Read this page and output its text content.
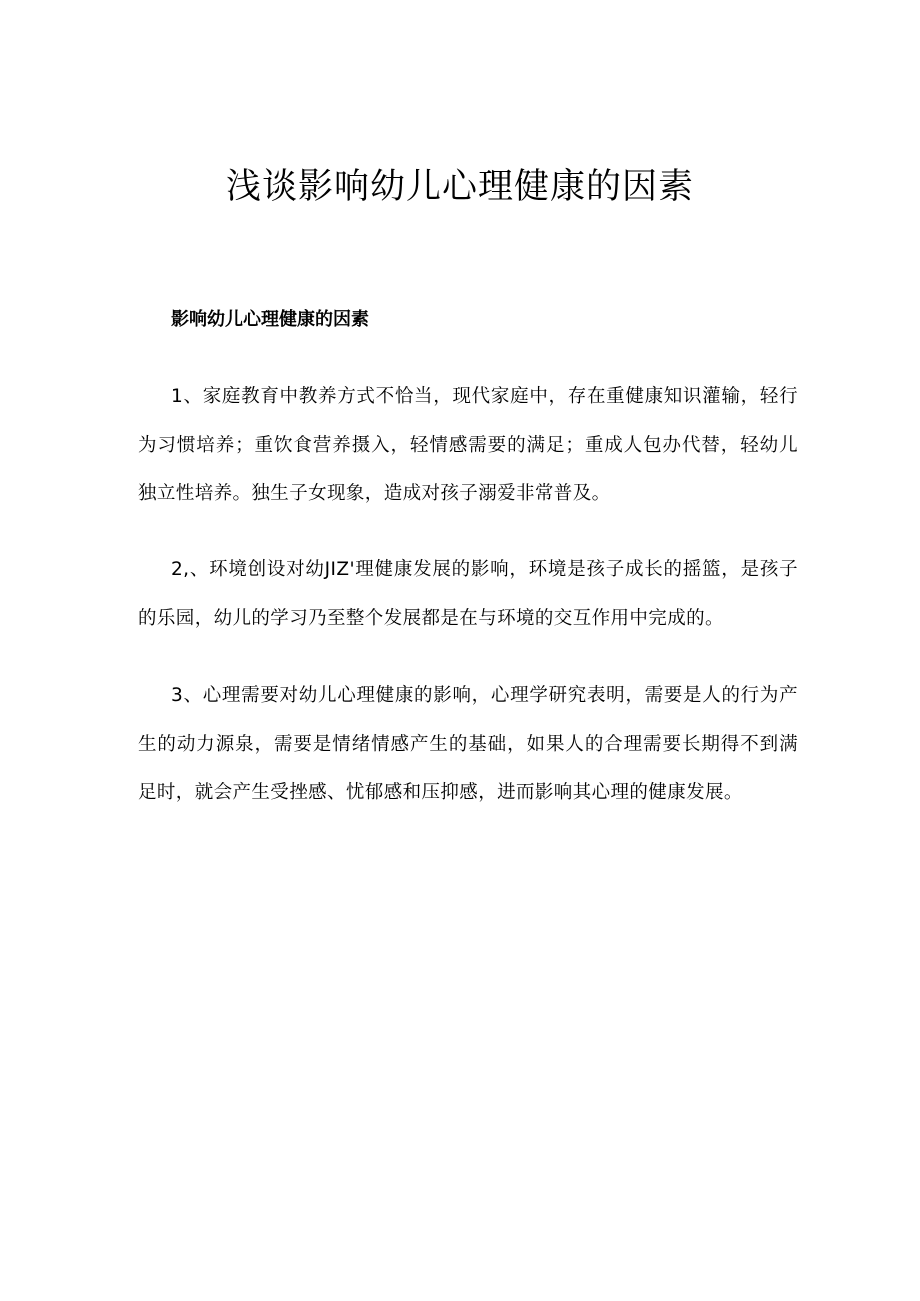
浅谈影响幼儿心理健康的因素
影响幼儿心理健康的因素

1、家庭教育中教养方式不恰当，现代家庭中，存在重健康知识灌输，轻行为习惯培养；重饮食营养摄入，轻情感需要的满足；重成人包办代替，轻幼儿独立性培养。独生子女现象，造成对孩子溺爱非常普及。

2,、环境创设对幼JIZ'理健康发展的影响，环境是孩子成长的摇篮，是孩子的乐园，幼儿的学习乃至整个发展都是在与环境的交互作用中完成的。

3、心理需要对幼儿心理健康的影响，心理学研究表明，需要是人的行为产生的动力源泉，需要是情绪情感产生的基础，如果人的合理需要长期得不到满足时，就会产生受挫感、忧郁感和压抑感，进而影响其心理的健康发展。
